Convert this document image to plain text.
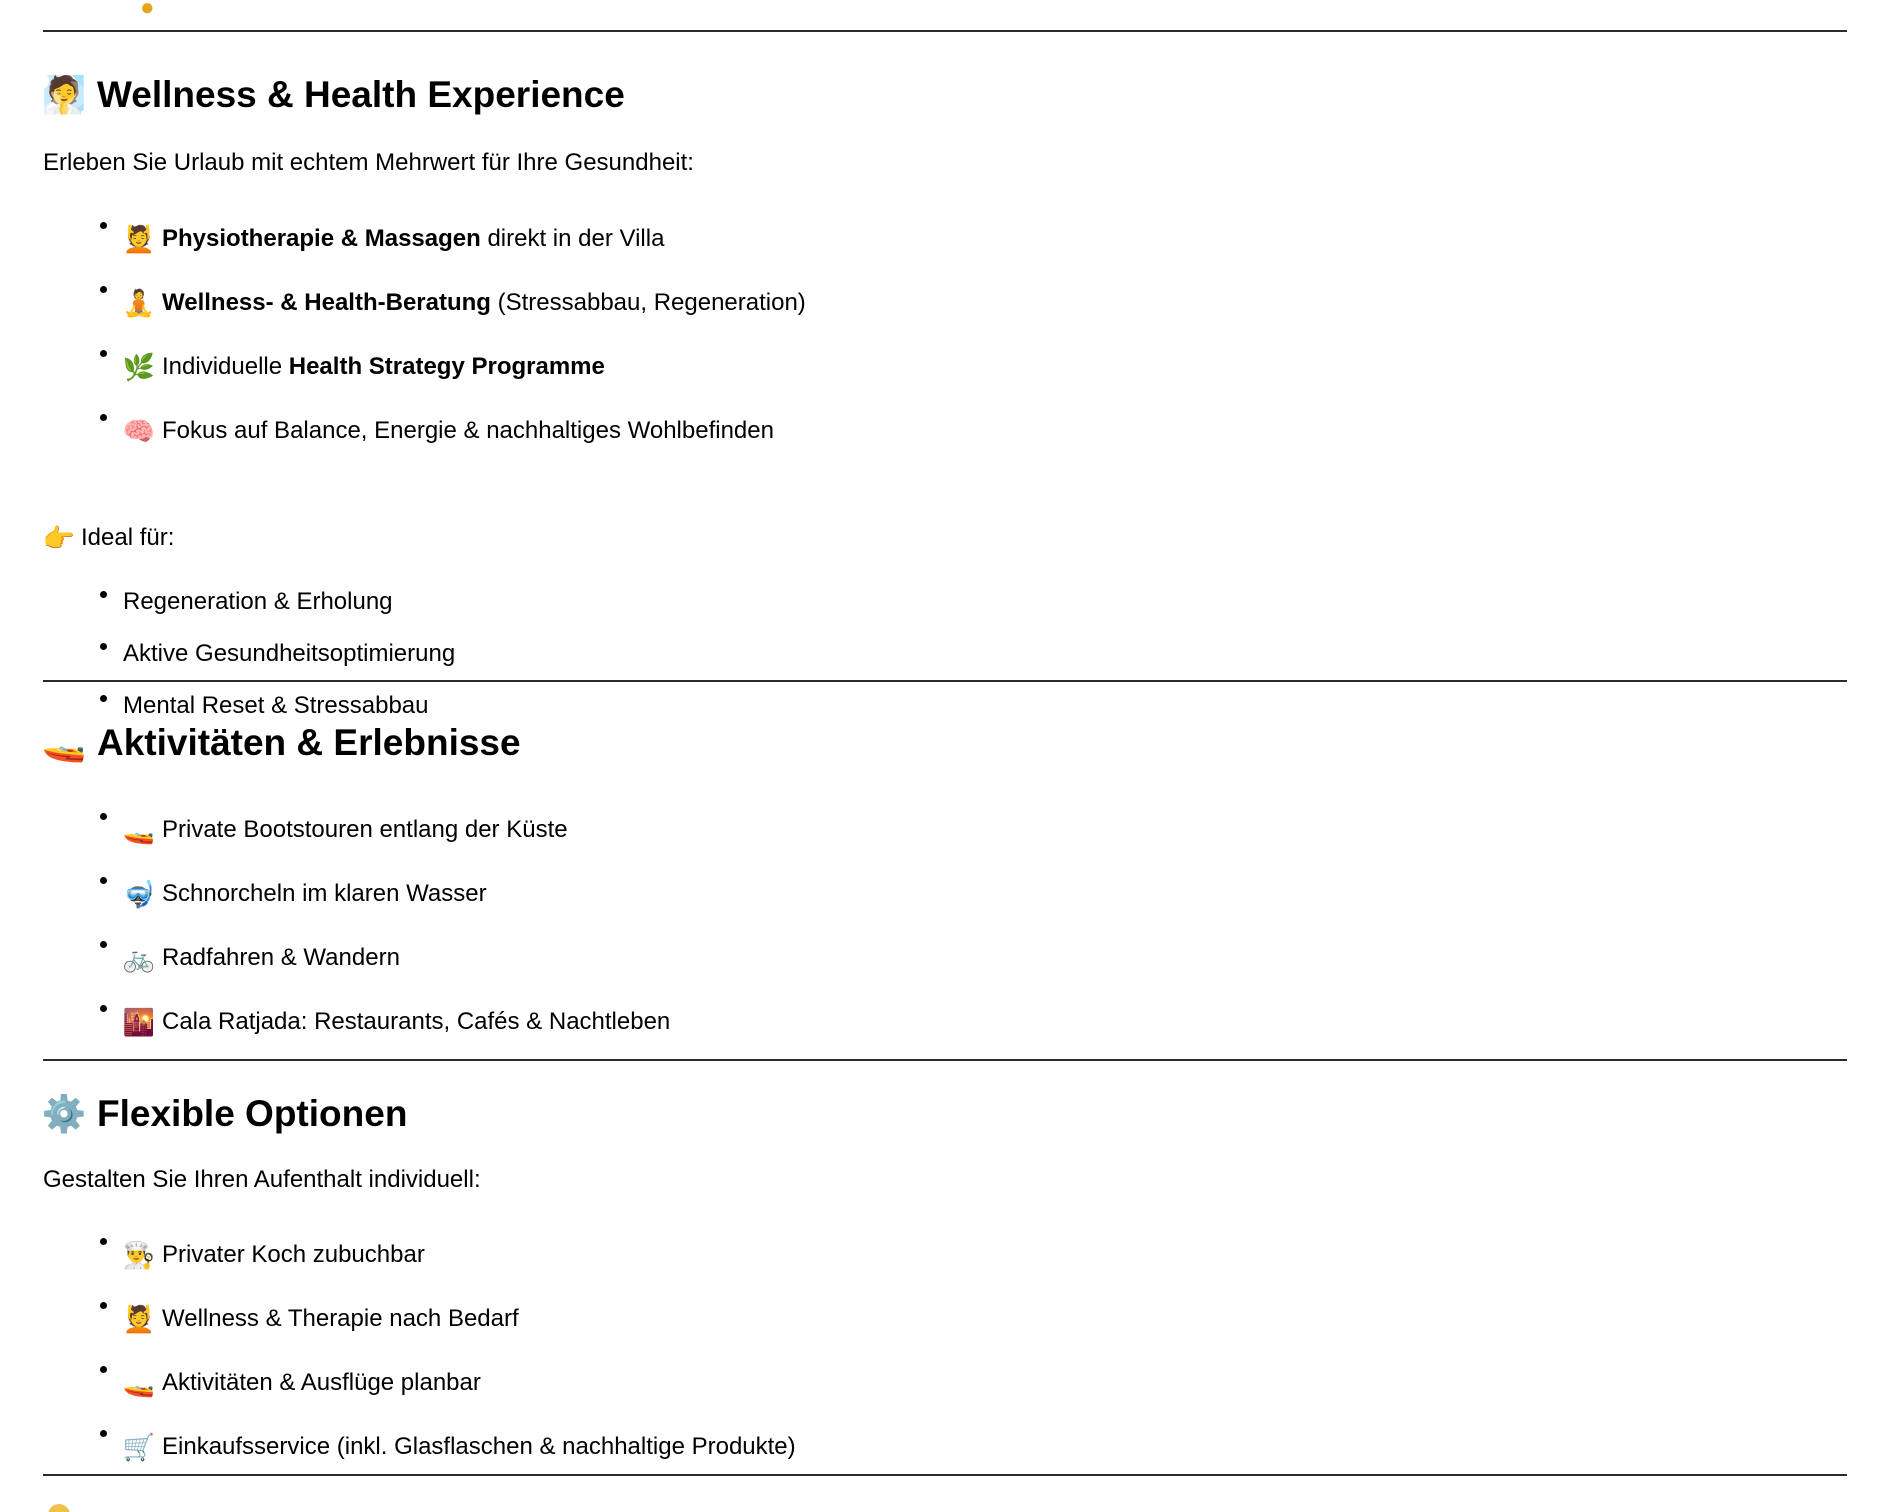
●
🧖 Wellness & Health Experience

Erleben Sie Urlaub mit echtem Mehrwert für Ihre Gesundheit:

💆 Physiotherapie & Massagen direkt in der Villa
🧘 Wellness- & Health-Beratung (Stressabbau, Regeneration)
🌿 Individuelle Health Strategy Programme
🧠 Fokus auf Balance, Energie & nachhaltiges Wohlbefinden
👉 Ideal für:
Regeneration & Erholung
Aktive Gesundheitsoptimierung
Mental Reset & Stressabbau
🚤 Aktivitäten & Erlebnisse
🚤 Private Bootstouren entlang der Küste
🤿 Schnorcheln im klaren Wasser
🚲 Radfahren & Wandern
🌇 Cala Ratjada: Restaurants, Cafés & Nachtleben
⚙️ Flexible Optionen

Gestalten Sie Ihren Aufenthalt individuell:

👨‍🍳 Privater Koch zubuchbar
💆 Wellness & Therapie nach Bedarf
🚤 Aktivitäten & Ausflüge planbar
🛒 Einkaufsservice (inkl. Glasflaschen & nachhaltige Produkte)
